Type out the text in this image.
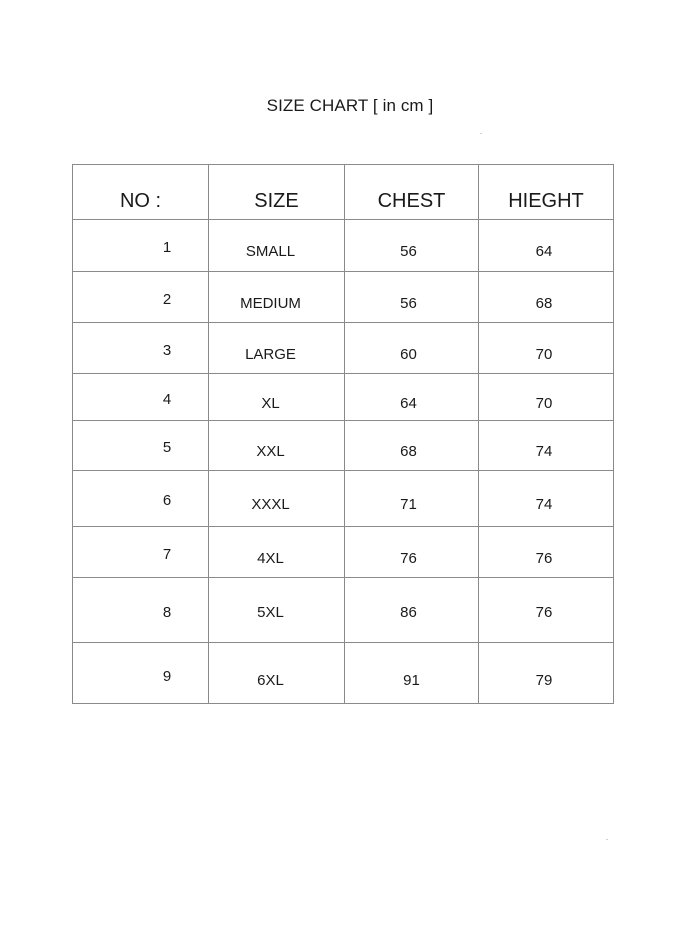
SIZE CHART [ in cm ]
NO :	SIZE	CHEST	HIEGHT

1	SMALL	56	64

2	MEDIUM	56	68

3	LARGE	60	70

4	XL	64	70

5	XXL	68	74

6	XXXL	71	74

7	4XL	76	76

8	5XL	86	76

9	6XL	91	79
